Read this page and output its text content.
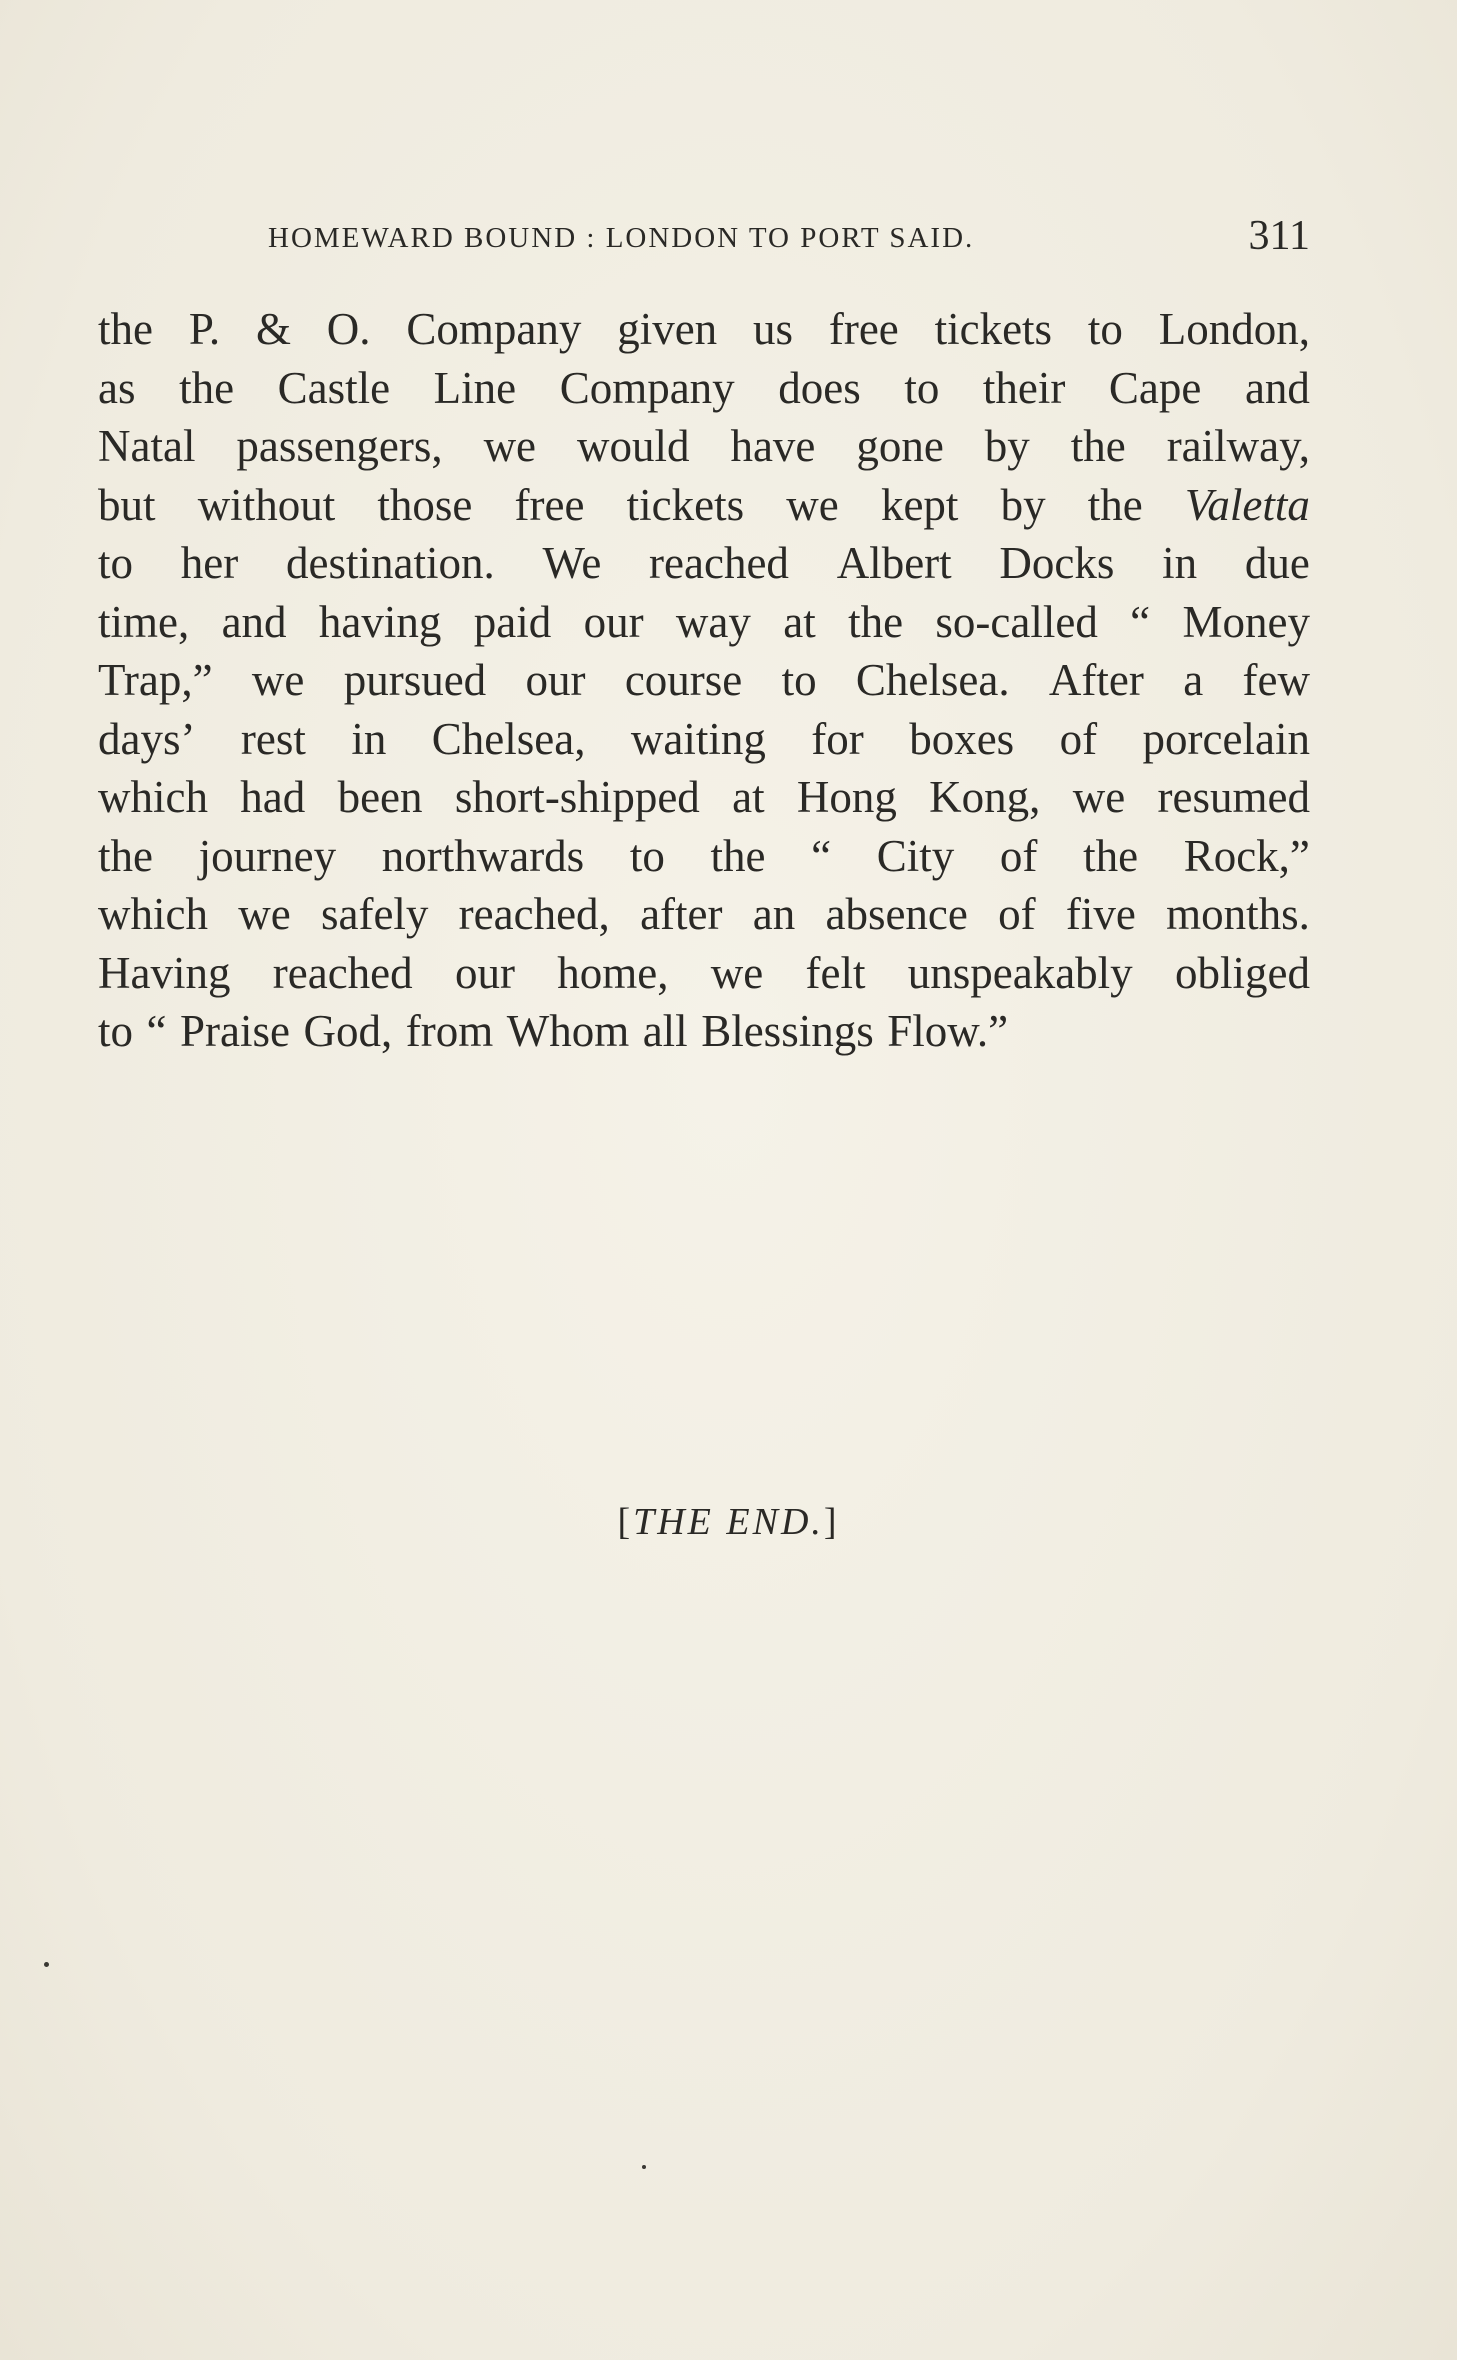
HOMEWARD BOUND : LONDON TO PORT SAID.	311
the P. & O. Company given us free tickets to London,
as the Castle Line Company does to their Cape and
Natal passengers, we would have gone by the railway,
but without those free tickets we kept by the Valetta
to her destination. We reached Albert Docks in due
time, and having paid our way at the so-called “ Money
Trap,” we pursued our course to Chelsea. After a few
days’ rest in Chelsea, waiting for boxes of porcelain
which had been short-shipped at Hong Kong, we resumed
the journey northwards to the “ City of the Rock,”
which we safely reached, after an absence of five months.
Having reached our home, we felt unspeakably obliged
to “ Praise God, from Whom all Blessings Flow.”
[THE END.]
